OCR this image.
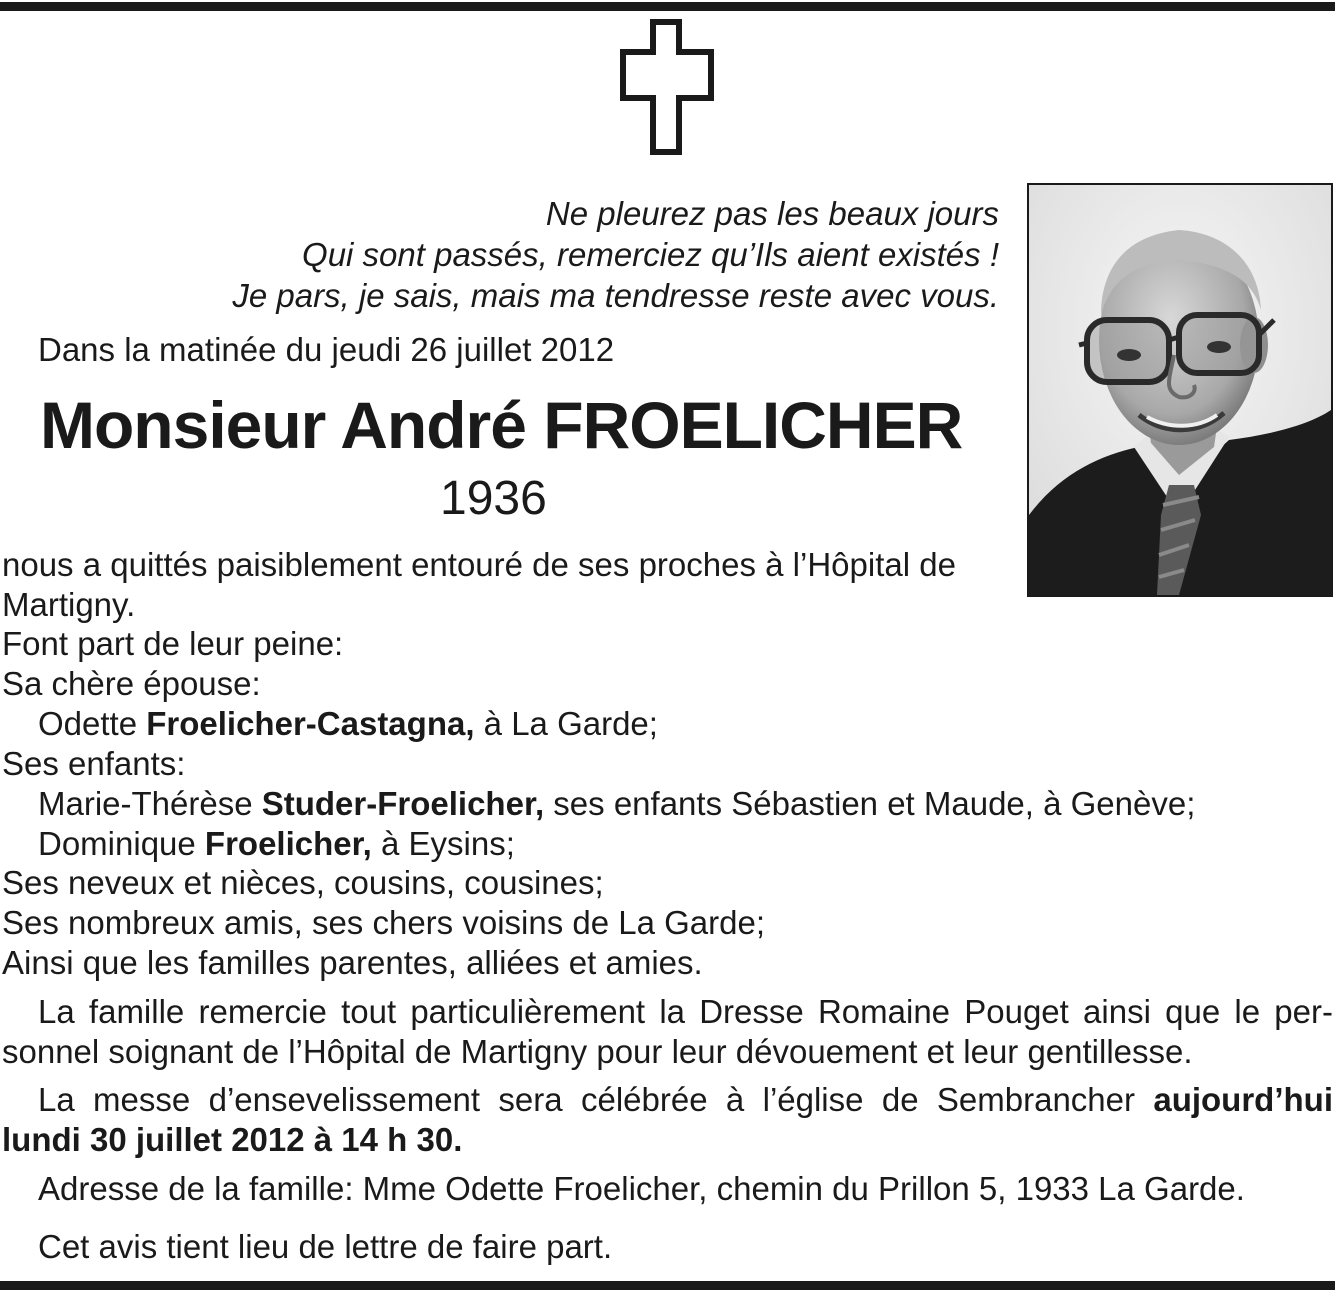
Ne pleurez pas les beaux jours
Qui sont passés, remerciez qu’Ils aient existés !
Je pars, je sais, mais ma tendresse reste avec vous.
Dans la matinée du jeudi 26 juillet 2012
Monsieur André FROELICHER
1936
nous a quittés paisiblement entouré de ses proches à l’Hôpital de
Martigny.
Font part de leur peine:
Sa chère épouse:
Odette Froelicher-Castagna, à La Garde;
Ses enfants:
Marie-Thérèse Studer-Froelicher, ses enfants Sébastien et Maude, à Genève;
Dominique Froelicher, à Eysins;
Ses neveux et nièces, cousins, cousines;
Ses nombreux amis, ses chers voisins de La Garde;
Ainsi que les familles parentes, alliées et amies.
La famille remercie tout particulièrement la Dresse Romaine Pouget ainsi que le per-
sonnel soignant de l’Hôpital de Martigny pour leur dévouement et leur gentillesse.
La messe d’ensevelissement sera célébrée à l’église de Sembrancher aujourd’hui
lundi 30 juillet 2012 à 14 h 30.
Adresse de la famille: Mme Odette Froelicher, chemin du Prillon 5, 1933 La Garde.
Cet avis tient lieu de lettre de faire part.
